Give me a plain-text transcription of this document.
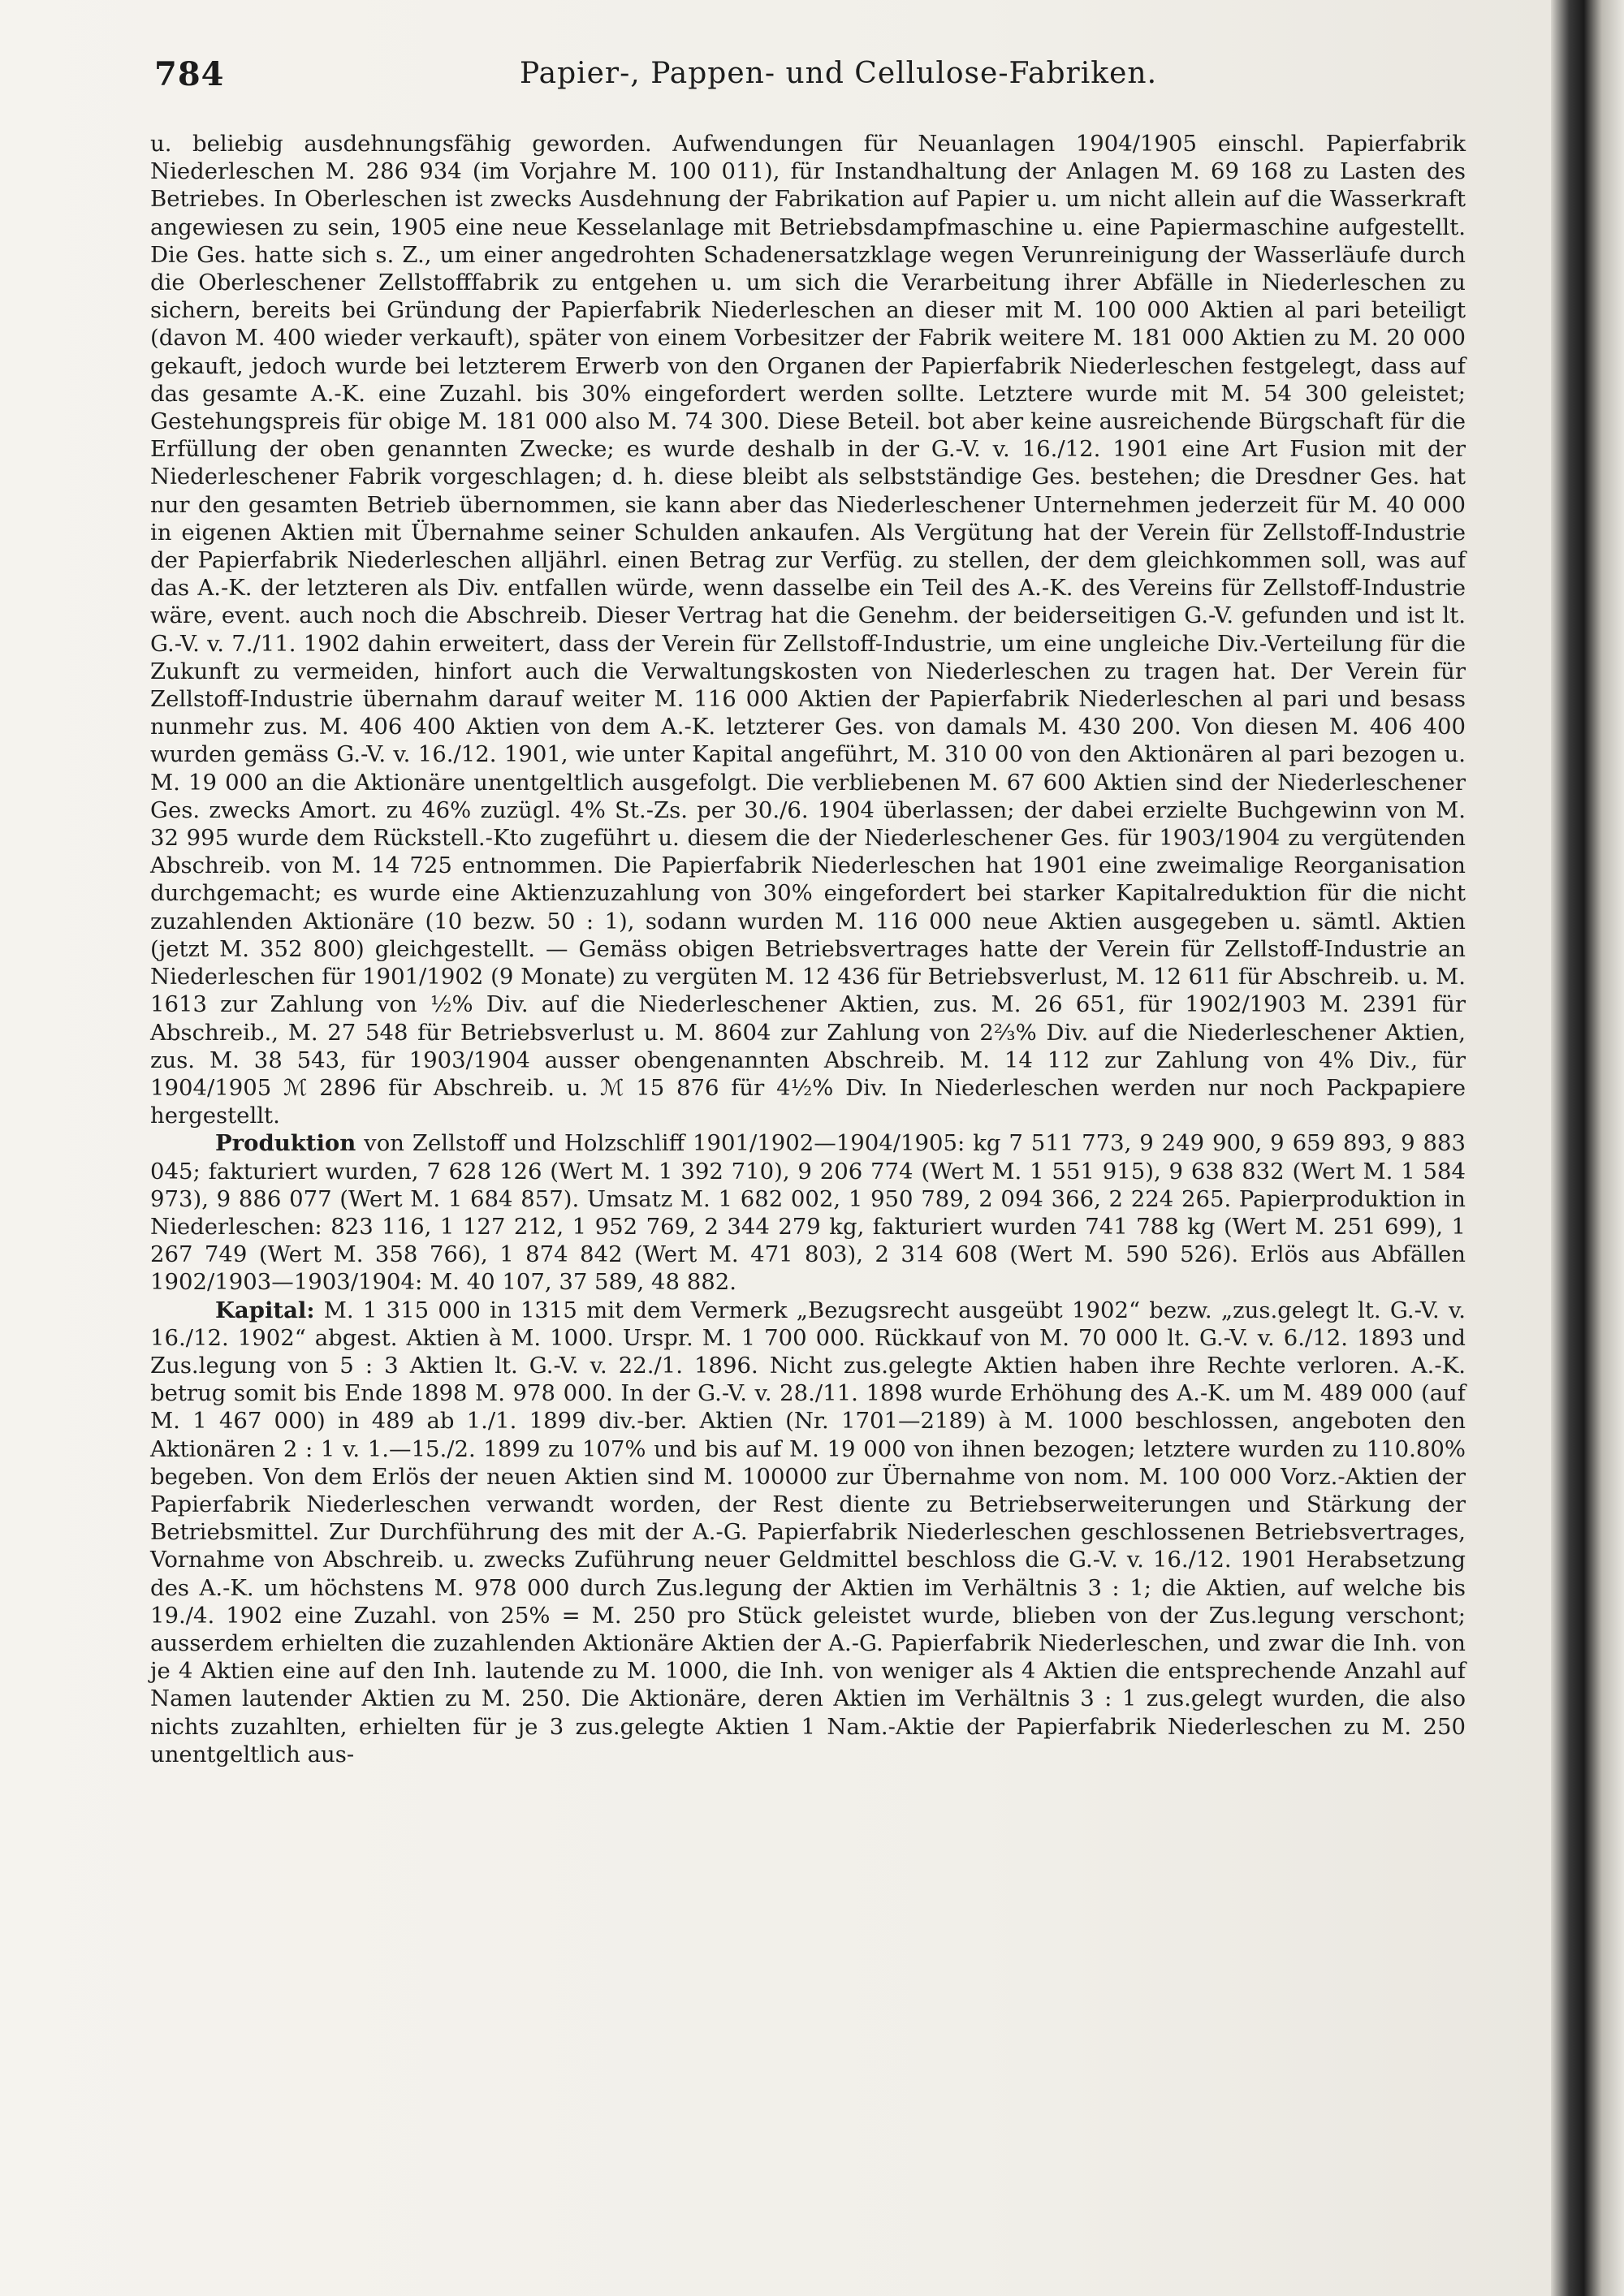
784	Papier-, Pappen- und Cellulose-Fabriken.

u. beliebig ausdehnungsfähig geworden. Aufwendungen für Neuanlagen 1904/1905 einschl. Papierfabrik Niederleschen M. 286 934 (im Vorjahre M. 100 011), für Instandhaltung der Anlagen M. 69 168 zu Lasten des Betriebes. In Oberleschen ist zwecks Ausdehnung der Fabrikation auf Papier u. um nicht allein auf die Wasserkraft angewiesen zu sein, 1905 eine neue Kesselanlage mit Betriebsdampfmaschine u. eine Papiermaschine aufgestellt. Die Ges. hatte sich s. Z., um einer angedrohten Schadenersatzklage wegen Verunreinigung der Wasserläufe durch die Oberleschener Zellstofffabrik zu entgehen u. um sich die Verarbeitung ihrer Abfälle in Niederleschen zu sichern, bereits bei Gründung der Papierfabrik Niederleschen an dieser mit M. 100 000 Aktien al pari beteiligt (davon M. 400 wieder verkauft), später von einem Vorbesitzer der Fabrik weitere M. 181 000 Aktien zu M. 20 000 gekauft, jedoch wurde bei letzterem Erwerb von den Organen der Papierfabrik Niederleschen festgelegt, dass auf das gesamte A.-K. eine Zuzahl. bis 30% eingefordert werden sollte. Letztere wurde mit M. 54 300 geleistet; Gestehungspreis für obige M. 181 000 also M. 74 300. Diese Beteil. bot aber keine ausreichende Bürgschaft für die Erfüllung der oben genannten Zwecke; es wurde deshalb in der G.-V. v. 16./12. 1901 eine Art Fusion mit der Niederleschener Fabrik vorgeschlagen; d. h. diese bleibt als selbstständige Ges. bestehen; die Dresdner Ges. hat nur den gesamten Betrieb übernommen, sie kann aber das Niederleschener Unternehmen jederzeit für M. 40 000 in eigenen Aktien mit Übernahme seiner Schulden ankaufen. Als Vergütung hat der Verein für Zellstoff-Industrie der Papierfabrik Niederleschen alljährl. einen Betrag zur Verfüg. zu stellen, der dem gleichkommen soll, was auf das A.-K. der letzteren als Div. entfallen würde, wenn dasselbe ein Teil des A.-K. des Vereins für Zellstoff-Industrie wäre, event. auch noch die Abschreib. Dieser Vertrag hat die Genehm. der beiderseitigen G.-V. gefunden und ist lt. G.-V. v. 7./11. 1902 dahin erweitert, dass der Verein für Zellstoff-Industrie, um eine ungleiche Div.-Verteilung für die Zukunft zu vermeiden, hinfort auch die Verwaltungskosten von Niederleschen zu tragen hat. Der Verein für Zellstoff-Industrie übernahm darauf weiter M. 116 000 Aktien der Papierfabrik Niederleschen al pari und besass nunmehr zus. M. 406 400 Aktien von dem A.-K. letzterer Ges. von damals M. 430 200. Von diesen M. 406 400 wurden gemäss G.-V. v. 16./12. 1901, wie unter Kapital angeführt, M. 310 00 von den Aktionären al pari bezogen u. M. 19 000 an die Aktionäre unentgeltlich ausgefolgt. Die verbliebenen M. 67 600 Aktien sind der Niederleschener Ges. zwecks Amort. zu 46% zuzügl. 4% St.-Zs. per 30./6. 1904 überlassen; der dabei erzielte Buchgewinn von M. 32 995 wurde dem Rückstell.-Kto zugeführt u. diesem die der Niederleschener Ges. für 1903/1904 zu vergütenden Abschreib. von M. 14 725 entnommen. Die Papierfabrik Niederleschen hat 1901 eine zweimalige Reorganisation durchgemacht; es wurde eine Aktienzuzahlung von 30% eingefordert bei starker Kapitalreduktion für die nicht zuzahlenden Aktionäre (10 bezw. 50 : 1), sodann wurden M. 116 000 neue Aktien ausgegeben u. sämtl. Aktien (jetzt M. 352 800) gleichgestellt. — Gemäss obigen Betriebsvertrages hatte der Verein für Zellstoff-Industrie an Niederleschen für 1901/1902 (9 Monate) zu vergüten M. 12 436 für Betriebsverlust, M. 12 611 für Abschreib. u. M. 1613 zur Zahlung von ½% Div. auf die Niederleschener Aktien, zus. M. 26 651, für 1902/1903 M. 2391 für Abschreib., M. 27 548 für Betriebsverlust u. M. 8604 zur Zahlung von 2⅔% Div. auf die Niederleschener Aktien, zus. M. 38 543, für 1903/1904 ausser obengenannten Abschreib. M. 14 112 zur Zahlung von 4% Div., für 1904/1905 ℳ 2896 für Abschreib. u. ℳ 15 876 für 4½% Div. In Niederleschen werden nur noch Packpapiere hergestellt.

Produktion von Zellstoff und Holzschliff 1901/1902—1904/1905: kg 7 511 773, 9 249 900, 9 659 893, 9 883 045; fakturiert wurden, 7 628 126 (Wert M. 1 392 710), 9 206 774 (Wert M. 1 551 915), 9 638 832 (Wert M. 1 584 973), 9 886 077 (Wert M. 1 684 857). Umsatz M. 1 682 002, 1 950 789, 2 094 366, 2 224 265. Papierproduktion in Niederleschen: 823 116, 1 127 212, 1 952 769, 2 344 279 kg, fakturiert wurden 741 788 kg (Wert M. 251 699), 1 267 749 (Wert M. 358 766), 1 874 842 (Wert M. 471 803), 2 314 608 (Wert M. 590 526). Erlös aus Abfällen 1902/1903—1903/1904: M. 40 107, 37 589, 48 882.

Kapital: M. 1 315 000 in 1315 mit dem Vermerk „Bezugsrecht ausgeübt 1902“ bezw. „zus.gelegt lt. G.-V. v. 16./12. 1902“ abgest. Aktien à M. 1000. Urspr. M. 1 700 000. Rückkauf von M. 70 000 lt. G.-V. v. 6./12. 1893 und Zus.legung von 5 : 3 Aktien lt. G.-V. v. 22./1. 1896. Nicht zus.gelegte Aktien haben ihre Rechte verloren. A.-K. betrug somit bis Ende 1898 M. 978 000. In der G.-V. v. 28./11. 1898 wurde Erhöhung des A.-K. um M. 489 000 (auf M. 1 467 000) in 489 ab 1./1. 1899 div.-ber. Aktien (Nr. 1701—2189) à M. 1000 beschlossen, angeboten den Aktionären 2 : 1 v. 1.—15./2. 1899 zu 107% und bis auf M. 19 000 von ihnen bezogen; letztere wurden zu 110.80% begeben. Von dem Erlös der neuen Aktien sind M. 100000 zur Übernahme von nom. M. 100 000 Vorz.-Aktien der Papierfabrik Niederleschen verwandt worden, der Rest diente zu Betriebserweiterungen und Stärkung der Betriebsmittel. Zur Durchführung des mit der A.-G. Papierfabrik Niederleschen geschlossenen Betriebsvertrages, Vornahme von Abschreib. u. zwecks Zuführung neuer Geldmittel beschloss die G.-V. v. 16./12. 1901 Herabsetzung des A.-K. um höchstens M. 978 000 durch Zus.legung der Aktien im Verhältnis 3 : 1; die Aktien, auf welche bis 19./4. 1902 eine Zuzahl. von 25% = M. 250 pro Stück geleistet wurde, blieben von der Zus.legung verschont; ausserdem erhielten die zuzahlenden Aktionäre Aktien der A.-G. Papierfabrik Niederleschen, und zwar die Inh. von je 4 Aktien eine auf den Inh. lautende zu M. 1000, die Inh. von weniger als 4 Aktien die entsprechende Anzahl auf Namen lautender Aktien zu M. 250. Die Aktionäre, deren Aktien im Verhältnis 3 : 1 zus.gelegt wurden, die also nichts zuzahlten, erhielten für je 3 zus.gelegte Aktien 1 Nam.-Aktie der Papierfabrik Niederleschen zu M. 250 unentgeltlich aus-
